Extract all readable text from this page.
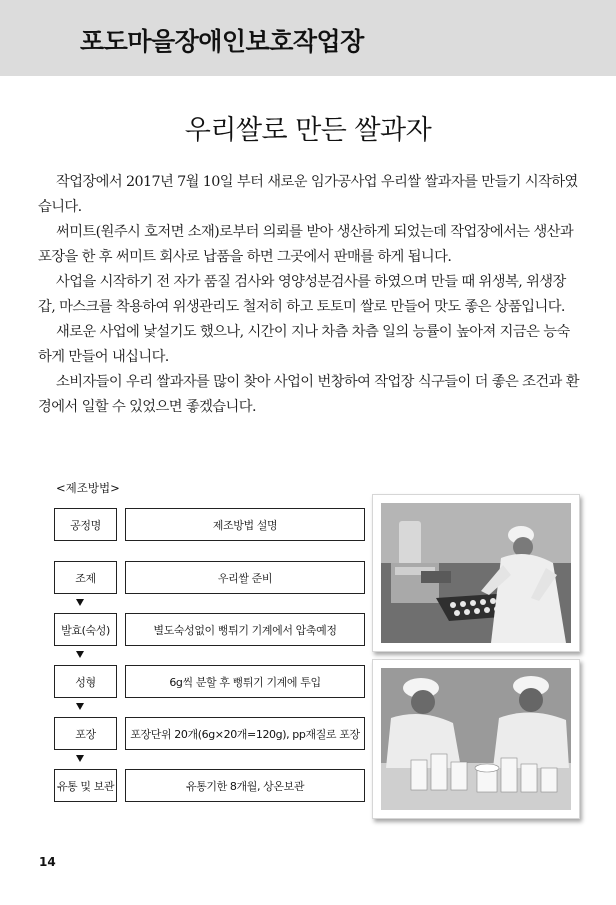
포도마을장애인보호작업장
우리쌀로 만든 쌀과자

작업장에서 2017년 7월 10일 부터 새로운 임가공사업 우리쌀 쌀과자를 만들기 시작하였습니다.

써미트(원주시 호저면 소재)로부터 의뢰를 받아 생산하게 되었는데 작업장에서는 생산과 포장을 한 후 써미트 회사로 납품을 하면 그곳에서 판매를 하게 됩니다.

사업을 시작하기 전 자가 품질 검사와 영양성분검사를 하였으며 만들 때 위생복, 위생장갑, 마스크를 착용하여 위생관리도 철저히 하고 토토미 쌀로 만들어 맛도 좋은 상품입니다.

새로운 사업에 낯설기도 했으나, 시간이 지나 차츰 차츰 일의 능률이 높아져 지금은 능숙하게 만들어 내십니다.

소비자들이 우리 쌀과자를 많이 찾아 사업이 번창하여 작업장 식구들이 더 좋은 조건과 환경에서 일할 수 있었으면 좋겠습니다.

<제조방법>
공정명	제조방법 설명
조제	우리쌀 준비
발효(숙성)	별도숙성없이 뻥튀기 기계에서 압축예정
성형	6g씩 분할 후 뻥튀기 기계에 투입
포장	포장단위 20개(6g×20개=120g), pp재질로 포장
유통 및 보관	유통기한 8개월, 상온보관
14
